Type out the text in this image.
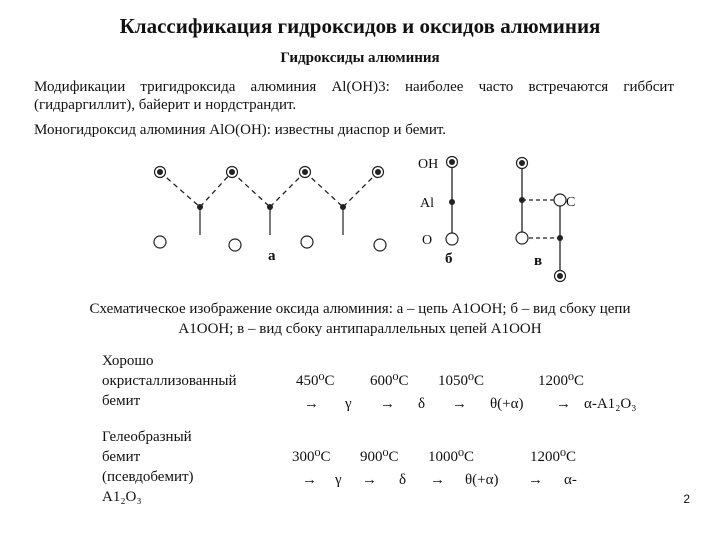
Классификация гидроксидов и оксидов алюминия
Гидроксиды алюминия
Модификации тригидроксида алюминия Al(OH)3: наиболее часто встречаются гиббсит (гидраргиллит), байерит и нордстрандит.
Моногидроксид алюминия AlO(OH): известны диаспор и бемит.
OH
Al
O
а	б	в
C
Схематическое изображение оксида алюминия: а – цепь A1OOH; б – вид сбоку цепи
A1OOH; в – вид сбоку антипараллельных цепей A1OOH
Хорошо
окристаллизованный
бемит
450⁰C 600⁰C 1050⁰C	1200⁰C
→ γ → δ → θ(+α) → α-A1₂O₃
Гелеобразный
бемит
(псевдобемит)
A1₂O₃
300⁰C 900⁰C 1000⁰C	1200⁰C
→ γ → δ → θ(+α) → α-
2
